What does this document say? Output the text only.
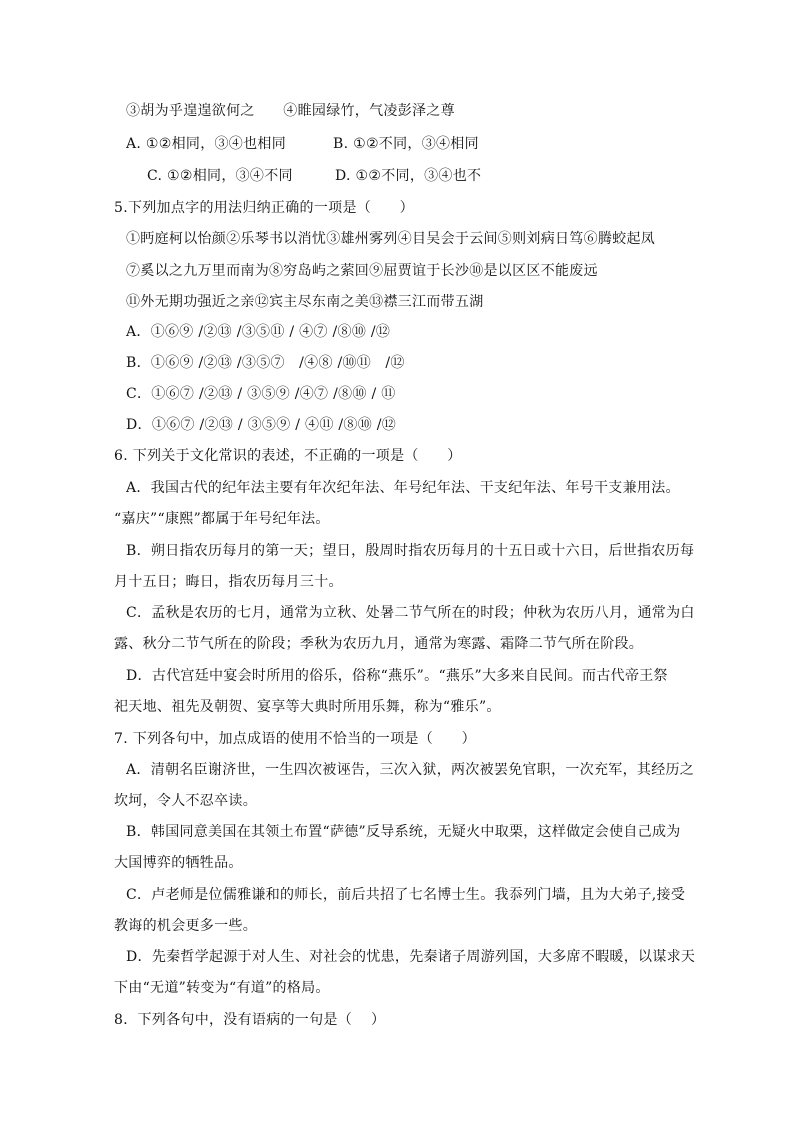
③胡为乎遑遑欲何之　　④睢园绿竹，气凌彭泽之尊
A. ①②相同，③④也相同	B. ①②不同，③④相同
C. ①②相同，③④不同	D. ①②不同，③④也不
5.下列加点字的用法归纳正确的一项是（　　）
①眄庭柯以怡颜②乐琴书以消忧③雄州雾列④目吴会于云间⑤则刘病日笃⑥腾蛟起凤
⑦奚以之九万里而南为⑧穷岛屿之萦回⑨屈贾谊于长沙⑩是以区区不能废远
⑪外无期功强近之亲⑫宾主尽东南之美⑬襟三江而带五湖
A．①⑥⑨ /②⑬ /③⑤⑪ / ④⑦ /⑧⑩ /⑫
B．①⑥⑨ /②⑬ /③⑤⑦　/④⑧ /⑩⑪　/⑫
C．①⑥⑦ /②⑬ / ③⑤⑨ /④⑦ /⑧⑩ / ⑪
D．①⑥⑦ /②⑬ / ③⑤⑨ / ④⑪ /⑧⑩ /⑫
6. 下列关于文化常识的表述，不正确的一项是（　　）
A．我国古代的纪年法主要有年次纪年法、年号纪年法、干支纪年法、年号干支兼用法。
“嘉庆”“康熙”都属于年号纪年法。
B．朔日指农历每月的第一天；望日，殷周时指农历每月的十五日或十六日，后世指农历每
月十五日；晦日，指农历每月三十。
C．孟秋是农历的七月，通常为立秋、处暑二节气所在的时段；仲秋为农历八月，通常为白
露、秋分二节气所在的阶段；季秋为农历九月，通常为寒露、霜降二节气所在阶段。
D．古代宫廷中宴会时所用的俗乐，俗称“燕乐”。“燕乐”大多来自民间。而古代帝王祭
祀天地、祖先及朝贺、宴享等大典时所用乐舞，称为“雅乐”。
7. 下列各句中，加点成语的使用不恰当的一项是（　　）
A．清朝名臣谢济世，一生四次被诬告，三次入狱，两次被罢免官职，一次充军，其经历之
坎坷，令人不忍卒读。
B．韩国同意美国在其领土布置“萨德”反导系统，无疑火中取栗，这样做定会使自己成为
大国博弈的牺牲品。
C．卢老师是位儒雅谦和的师长，前后共招了七名博士生。我忝列门墙，且为大弟子,接受
教诲的机会更多一些。
D．先秦哲学起源于对人生、对社会的忧患，先秦诸子周游列国，大多席不暇暖，以谋求天
下由“无道”转变为“有道”的格局。
8．下列各句中，没有语病的一句是（　 ）
